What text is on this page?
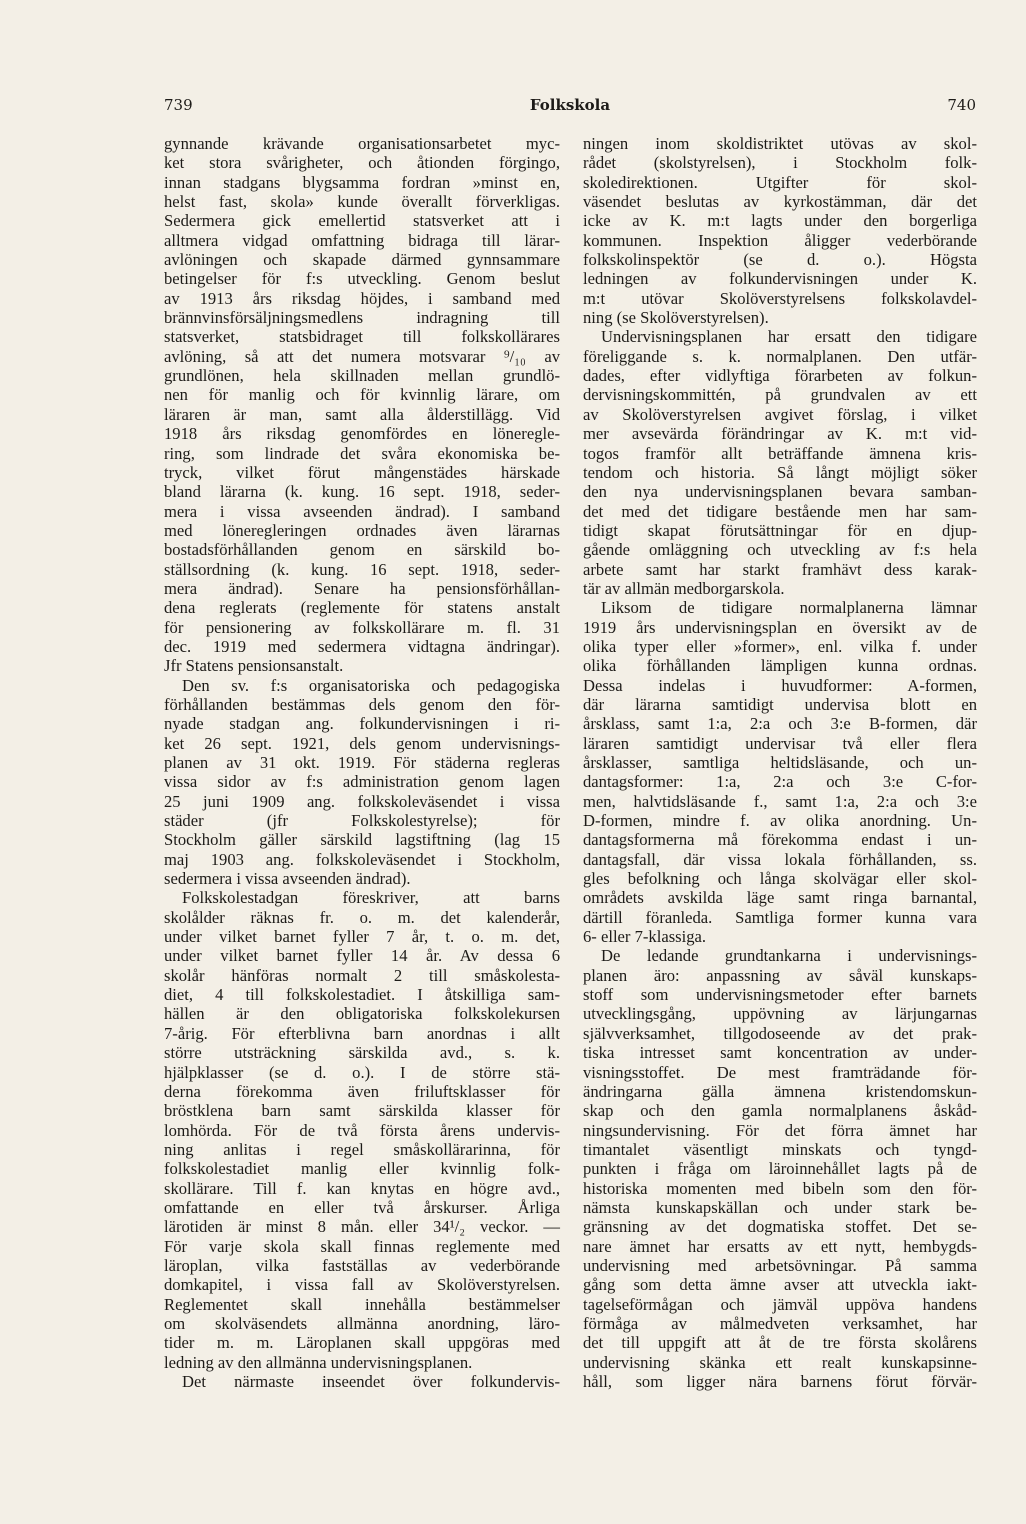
739	Folkskola	740
gynnande krävande organisationsarbetet myc-
ket stora svårigheter, och åtionden förgingo,
innan stadgans blygsamma fordran »minst en,
helst fast, skola» kunde överallt förverkligas.
Sedermera gick emellertid statsverket att i
alltmera vidgad omfattning bidraga till lärar-
avlöningen och skapade därmed gynnsammare
betingelser för f:s utveckling. Genom beslut
av 1913 års riksdag höjdes, i samband med
brännvinsförsäljningsmedlens indragning till
statsverket, statsbidraget till folkskollärares
avlöning, så att det numera motsvarar ⁹/₁₀ av
grundlönen, hela skillnaden mellan grundlö-
nen för manlig och för kvinnlig lärare, om
läraren är man, samt alla ålderstillägg. Vid
1918 års riksdag genomfördes en löneregle-
ring, som lindrade det svåra ekonomiska be-
tryck, vilket förut mångenstädes härskade
bland lärarna (k. kung. 16 sept. 1918, seder-
mera i vissa avseenden ändrad). I samband
med löneregleringen ordnades även lärarnas
bostadsförhållanden genom en särskild bo-
ställsordning (k. kung. 16 sept. 1918, seder-
mera ändrad). Senare ha pensionsförhållan-
dena reglerats (reglemente för statens anstalt
för pensionering av folkskollärare m. fl. 31
dec. 1919 med sedermera vidtagna ändringar).
Jfr Statens pensionsanstalt.
Den sv. f:s organisatoriska och pedagogiska
förhållanden bestämmas dels genom den för-
nyade stadgan ang. folkundervisningen i ri-
ket 26 sept. 1921, dels genom undervisnings-
planen av 31 okt. 1919. För städerna regleras
vissa sidor av f:s administration genom lagen
25 juni 1909 ang. folkskoleväsendet i vissa
städer (jfr Folkskolestyrelse); för
Stockholm gäller särskild lagstiftning (lag 15
maj 1903 ang. folkskoleväsendet i Stockholm,
sedermera i vissa avseenden ändrad).
Folkskolestadgan föreskriver, att barns
skolålder räknas fr. o. m. det kalenderår,
under vilket barnet fyller 7 år, t. o. m. det,
under vilket barnet fyller 14 år. Av dessa 6
skolår hänföras normalt 2 till småskolesta-
diet, 4 till folkskolestadiet. I åtskilliga sam-
hällen är den obligatoriska folkskolekursen
7-årig. För efterblivna barn anordnas i allt
större utsträckning särskilda avd., s. k.
hjälpklasser (se d. o.). I de större stä-
derna förekomma även friluftsklasser för
bröstklena barn samt särskilda klasser för
lomhörda. För de två första årens undervis-
ning anlitas i regel småskollärarinna, för
folkskolestadiet manlig eller kvinnlig folk-
skollärare. Till f. kan knytas en högre avd.,
omfattande en eller två årskurser. Årliga
lärotiden är minst 8 mån. eller 34¹/₂ veckor. —
För varje skola skall finnas reglemente med
läroplan, vilka fastställas av vederbörande
domkapitel, i vissa fall av Skolöverstyrelsen.
Reglementet skall innehålla bestämmelser
om skolväsendets allmänna anordning, läro-
tider m. m. Läroplanen skall uppgöras med
ledning av den allmänna undervisningsplanen.
Det närmaste inseendet över folkundervis-
ningen inom skoldistriktet utövas av skol-
rådet (skolstyrelsen), i Stockholm folk-
skoledirektionen. Utgifter för skol-
väsendet beslutas av kyrkostämman, där det
icke av K. m:t lagts under den borgerliga
kommunen. Inspektion åligger vederbörande
folkskolinspektör (se d. o.). Högsta
ledningen av folkundervisningen under K.
m:t utövar Skolöverstyrelsens folkskolavdel-
ning (se Skolöverstyrelsen).
Undervisningsplanen har ersatt den tidigare
föreliggande s. k. normalplanen. Den utfär-
dades, efter vidlyftiga förarbeten av folkun-
dervisningskommittén, på grundvalen av ett
av Skolöverstyrelsen avgivet förslag, i vilket
mer avsevärda förändringar av K. m:t vid-
togos framför allt beträffande ämnena kris-
tendom och historia. Så långt möjligt söker
den nya undervisningsplanen bevara samban-
det med det tidigare bestående men har sam-
tidigt skapat förutsättningar för en djup-
gående omläggning och utveckling av f:s hela
arbete samt har starkt framhävt dess karak-
tär av allmän medborgarskola.
Liksom de tidigare normalplanerna lämnar
1919 års undervisningsplan en översikt av de
olika typer eller »former», enl. vilka f. under
olika förhållanden lämpligen kunna ordnas.
Dessa indelas i huvudformer: A-formen,
där lärarna samtidigt undervisa blott en
årsklass, samt 1:a, 2:a och 3:e B-formen, där
läraren samtidigt undervisar två eller flera
årsklasser, samtliga heltidsläsande, och un-
dantagsformer: 1:a, 2:a och 3:e C-for-
men, halvtidsläsande f., samt 1:a, 2:a och 3:e
D-formen, mindre f. av olika anordning. Un-
dantagsformerna må förekomma endast i un-
dantagsfall, där vissa lokala förhållanden, ss.
gles befolkning och långa skolvägar eller skol-
områdets avskilda läge samt ringa barnantal,
därtill föranleda. Samtliga former kunna vara
6- eller 7-klassiga.
De ledande grundtankarna i undervisnings-
planen äro: anpassning av såväl kunskaps-
stoff som undervisningsmetoder efter barnets
utvecklingsgång, uppövning av lärjungarnas
självverksamhet, tillgodoseende av det prak-
tiska intresset samt koncentration av under-
visningsstoffet. De mest framträdande för-
ändringarna gälla ämnena kristendomskun-
skap och den gamla normalplanens åskåd-
ningsundervisning. För det förra ämnet har
timantalet väsentligt minskats och tyngd-
punkten i fråga om läroinnehållet lagts på de
historiska momenten med bibeln som den för-
nämsta kunskapskällan och under stark be-
gränsning av det dogmatiska stoffet. Det se-
nare ämnet har ersatts av ett nytt, hembygds-
undervisning med arbetsövningar. På samma
gång som detta ämne avser att utveckla iakt-
tagelseförmågan och jämväl uppöva handens
förmåga av målmedveten verksamhet, har
det till uppgift att åt de tre första skolårens
undervisning skänka ett realt kunskapsinne-
håll, som ligger nära barnens förut förvär-
